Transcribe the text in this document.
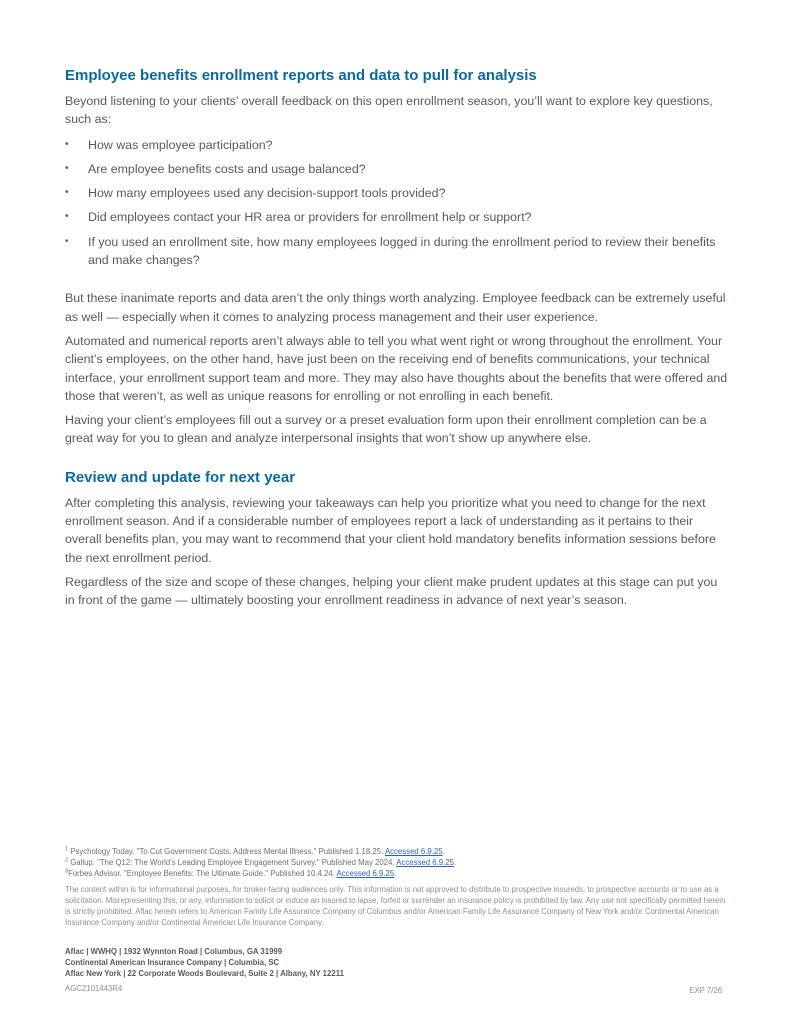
Employee benefits enrollment reports and data to pull for analysis

Beyond listening to your clients’ overall feedback on this open enrollment season, you’ll want to explore key questions, such as:

• How was employee participation?
• Are employee benefits costs and usage balanced?
• How many employees used any decision-support tools provided?
• Did employees contact your HR area or providers for enrollment help or support?
• If you used an enrollment site, how many employees logged in during the enrollment period to review their benefits and make changes?

But these inanimate reports and data aren’t the only things worth analyzing. Employee feedback can be extremely useful as well — especially when it comes to analyzing process management and their user experience.

Automated and numerical reports aren’t always able to tell you what went right or wrong throughout the enrollment. Your client’s employees, on the other hand, have just been on the receiving end of benefits communications, your technical interface, your enrollment support team and more. They may also have thoughts about the benefits that were offered and those that weren’t, as well as unique reasons for enrolling or not enrolling in each benefit.

Having your client’s employees fill out a survey or a preset evaluation form upon their enrollment completion can be a great way for you to glean and analyze interpersonal insights that won’t show up anywhere else.

Review and update for next year

After completing this analysis, reviewing your takeaways can help you prioritize what you need to change for the next enrollment season. And if a considerable number of employees report a lack of understanding as it pertains to their overall benefits plan, you may want to recommend that your client hold mandatory benefits information sessions before the next enrollment period.

Regardless of the size and scope of these changes, helping your client make prudent updates at this stage can put you in front of the game — ultimately boosting your enrollment readiness in advance of next year’s season.

$^1$ Psychology Today. "To Cut Government Costs, Address Mental Illness." Published 1.18.25. Accessed 6.9.25.
$^2$ Gallup. "The Q12: The World's Leading Employee Engagement Survey." Published May 2024. Accessed 6.9.25.
$^3$Forbes Advisor. "Employee Benefits: The Ultimate Guide." Published 10.4.24. Accessed 6.9.25.
The content within is for informational purposes, for broker-facing audiences only. This information is not approved to distribute to prospective insureds, to prospective accounts or to use as a solicitation. Misrepresenting this, or any, information to solicit or induce an insured to lapse, forfeit or surrender an insurance policy is prohibited by law. Any use not specifically permitted herein is strictly prohibited. Aflac herein refers to American Family Life Assurance Company of Columbus and/or American Family Life Assurance Company of New York and/or Continental American Insurance Company and/or Continental American Life Insurance Company.
Aflac | WWHQ | 1932 Wynnton Road | Columbus, GA 31999
Continental American Insurance Company | Columbia, SC
Aflac New York | 22 Corporate Woods Boulevard, Suite 2 | Albany, NY 12211
AGC2101443R4	EXP 7/26
